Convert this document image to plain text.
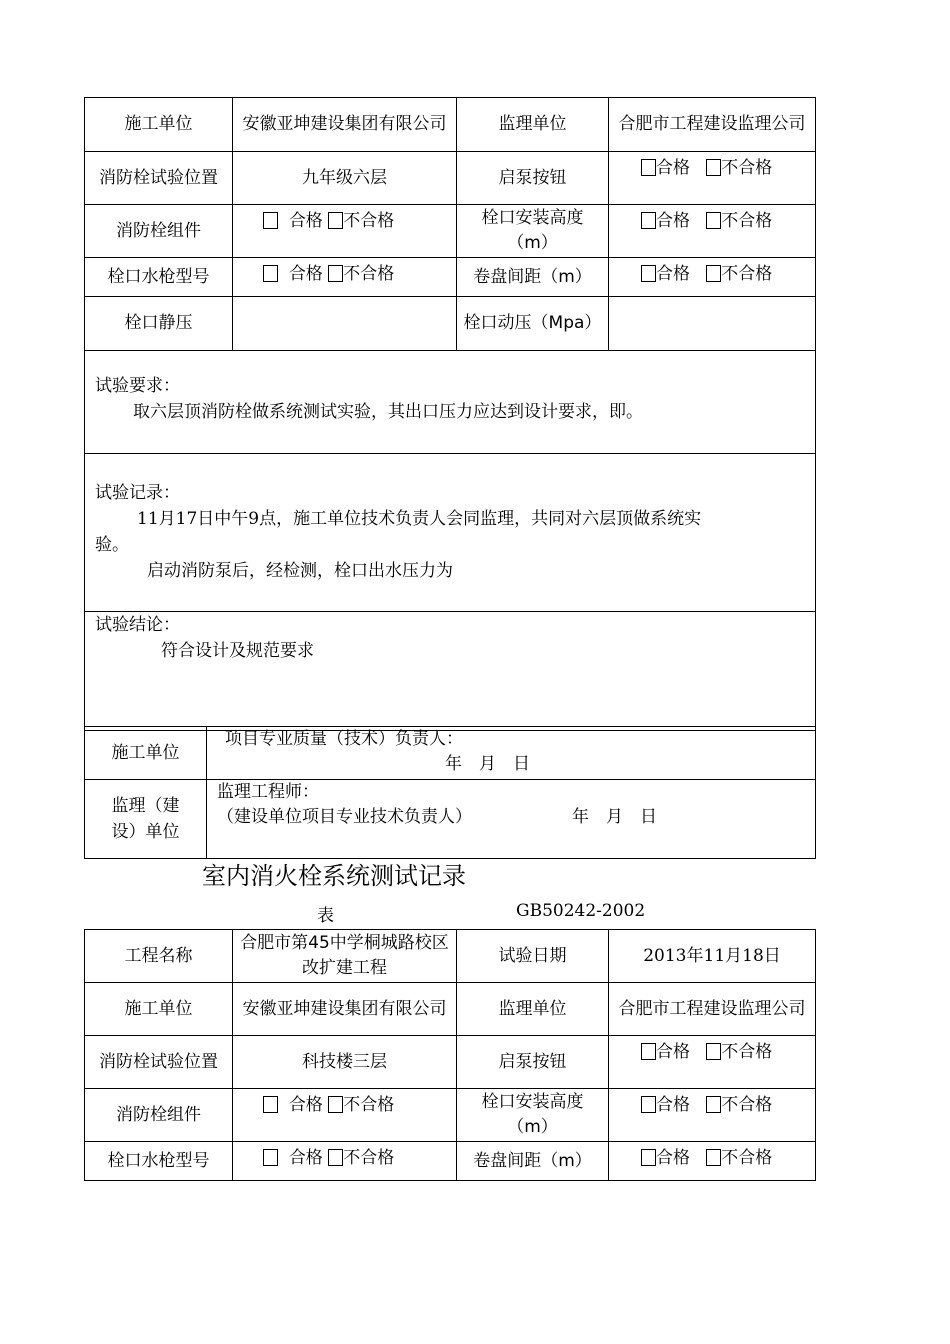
施工单位	安徽亚坤建设集团有限公司	监理单位	合肥市工程建设监理公司
消防栓试验位置	九年级六层	启泵按钮	合格 不合格
消防栓组件	合格 不合格	栓口安装高度（m）	合格 不合格
栓口水枪型号	合格 不合格	卷盘间距（m）	合格 不合格
栓口静压		栓口动压（Mpa）	

试验要求：
取六层顶消防栓做系统测试实验，其出口压力应达到设计要求，即。			

试验记录：
11月17日中午9点，施工单位技术负责人会同监理，共同对六层顶做系统实
验。
启动消防泵后，经检测，栓口出水压力为			

试验结论：
符合设计及规范要求			
施工单位	项目专业质量（技术）负责人：
年　月　日

监理（建设）单位	监理工程师：
（建设单位项目专业技术负责人） 年　月　日
室内消火栓系统测试记录
表	GB50242-2002
工程名称	合肥市第45中学桐城路校区改扩建工程	试验日期	2013年11月18日
施工单位	安徽亚坤建设集团有限公司	监理单位	合肥市工程建设监理公司
消防栓试验位置	科技楼三层	启泵按钮	合格 不合格
消防栓组件	合格 不合格	栓口安装高度（m）	合格 不合格
栓口水枪型号	合格 不合格	卷盘间距（m）	合格 不合格
